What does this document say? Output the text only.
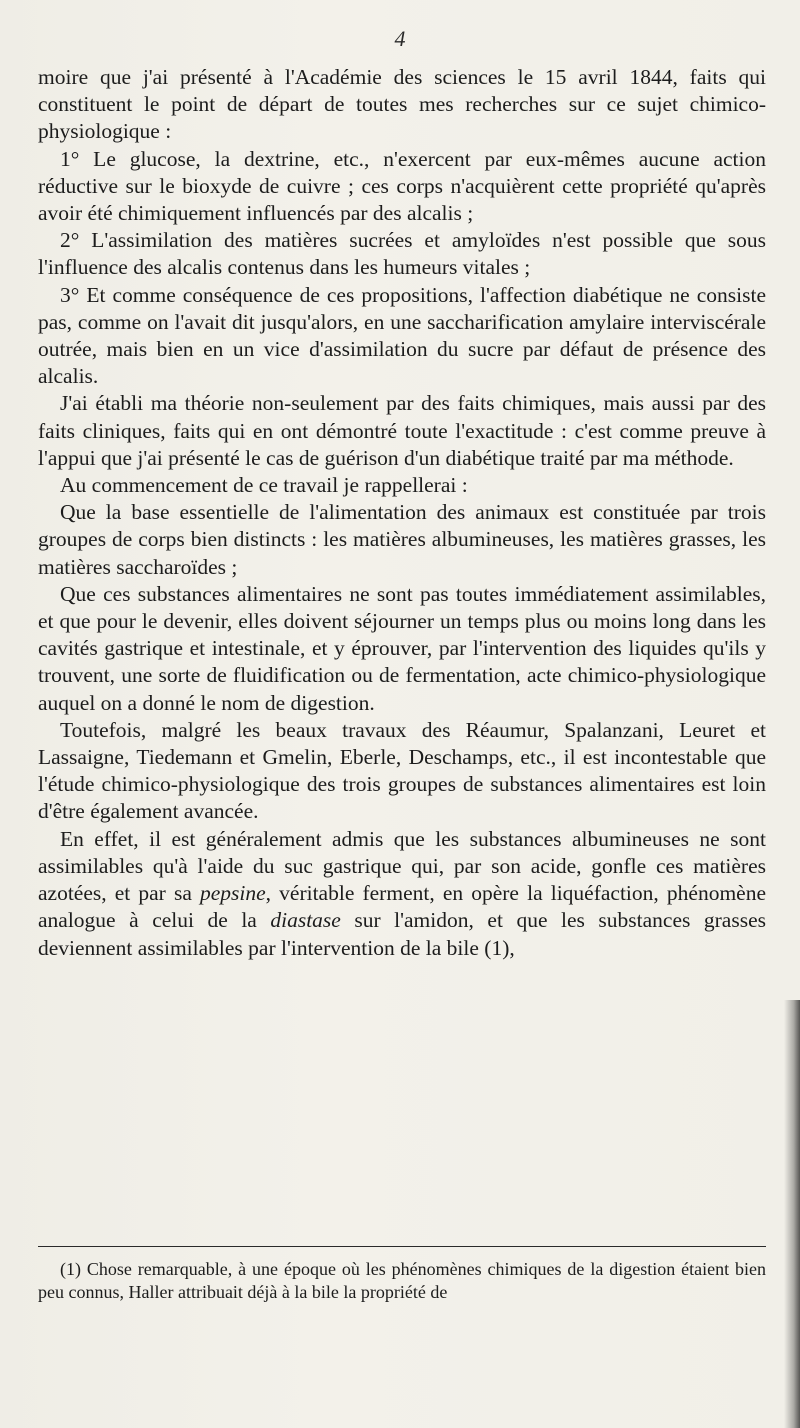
4

moire que j'ai présenté à l'Académie des sciences le 15 avril 1844, faits qui constituent le point de départ de toutes mes recherches sur ce sujet chimico-physiologique :

1° Le glucose, la dextrine, etc., n'exercent par eux-mêmes aucune action réductive sur le bioxyde de cuivre ; ces corps n'acquièrent cette propriété qu'après avoir été chimiquement influencés par des alcalis ;

2° L'assimilation des matières sucrées et amyloïdes n'est possible que sous l'influence des alcalis contenus dans les humeurs vitales ;

3° Et comme conséquence de ces propositions, l'affection diabétique ne consiste pas, comme on l'avait dit jusqu'alors, en une saccharification amylaire interviscérale outrée, mais bien en un vice d'assimilation du sucre par défaut de présence des alcalis.

J'ai établi ma théorie non-seulement par des faits chimiques, mais aussi par des faits cliniques, faits qui en ont démontré toute l'exactitude : c'est comme preuve à l'appui que j'ai présenté le cas de guérison d'un diabétique traité par ma méthode.

Au commencement de ce travail je rappellerai :

Que la base essentielle de l'alimentation des animaux est constituée par trois groupes de corps bien distincts : les matières albumineuses, les matières grasses, les matières saccharoïdes ;

Que ces substances alimentaires ne sont pas toutes immédiatement assimilables, et que pour le devenir, elles doivent séjourner un temps plus ou moins long dans les cavités gastrique et intestinale, et y éprouver, par l'intervention des liquides qu'ils y trouvent, une sorte de fluidification ou de fermentation, acte chimico-physiologique auquel on a donné le nom de digestion.

Toutefois, malgré les beaux travaux des Réaumur, Spalanzani, Leuret et Lassaigne, Tiedemann et Gmelin, Eberle, Deschamps, etc., il est incontestable que l'étude chimico-physiologique des trois groupes de substances alimentaires est loin d'être également avancée.

En effet, il est généralement admis que les substances albumineuses ne sont assimilables qu'à l'aide du suc gastrique qui, par son acide, gonfle ces matières azotées, et par sa pepsine, véritable ferment, en opère la liquéfaction, phénomène analogue à celui de la diastase sur l'amidon, et que les substances grasses deviennent assimilables par l'intervention de la bile (1),

(1) Chose remarquable, à une époque où les phénomènes chimiques de la digestion étaient bien peu connus, Haller attribuait déjà à la bile la propriété de
